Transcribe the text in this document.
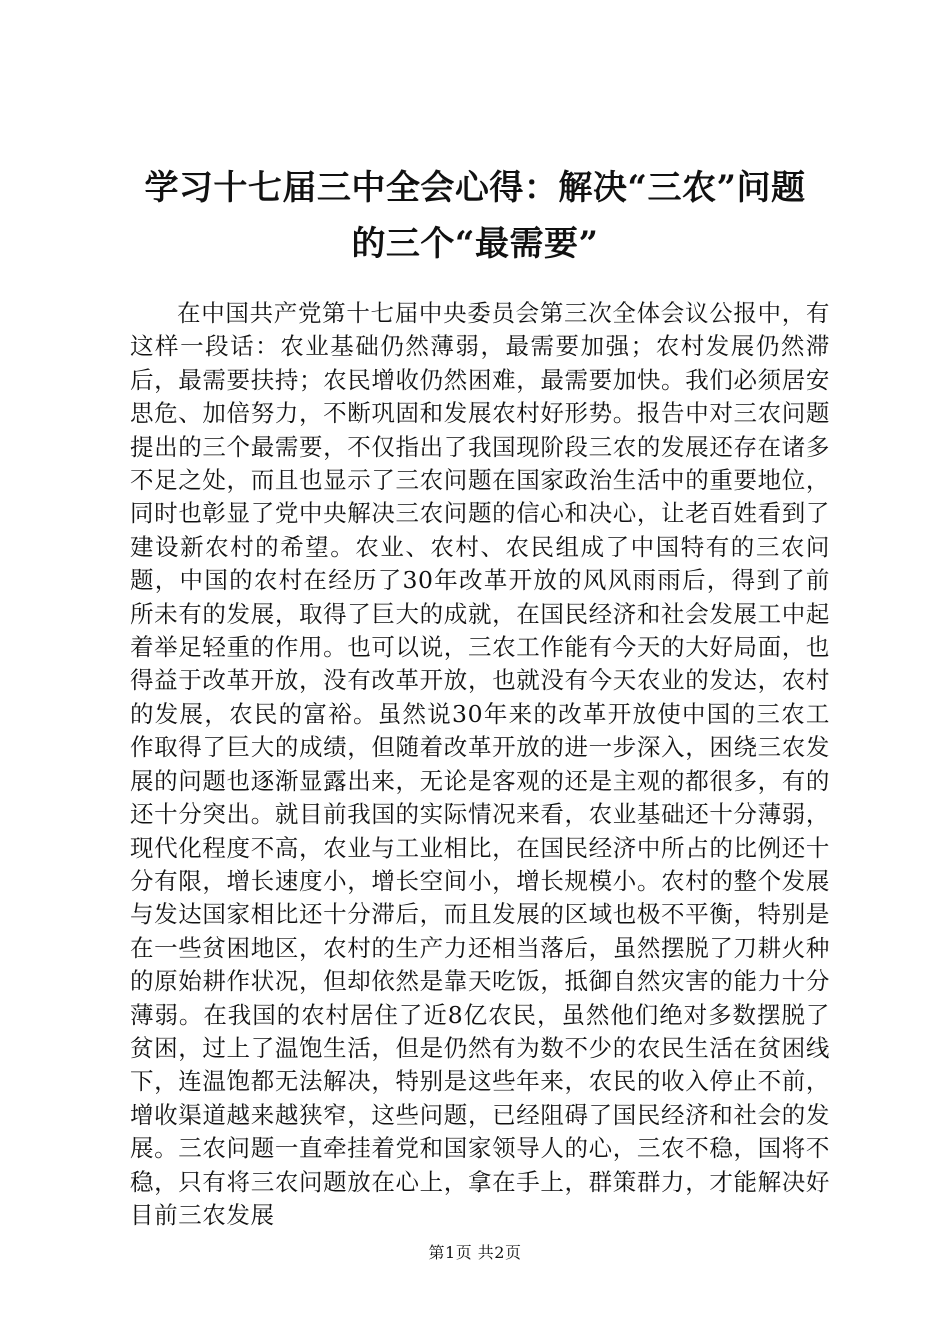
学习十七届三中全会心得：解决“三农”问题
的三个“最需要”

在中国共产党第十七届中央委员会第三次全体会议公报中，有这样一段话：农业基础仍然薄弱，最需要加强；农村发展仍然滞后，最需要扶持；农民增收仍然困难，最需要加快。我们必须居安思危、加倍努力，不断巩固和发展农村好形势。报告中对三农问题提出的三个最需要，不仅指出了我国现阶段三农的发展还存在诸多不足之处，而且也显示了三农问题在国家政治生活中的重要地位，同时也彰显了党中央解决三农问题的信心和决心，让老百姓看到了建设新农村的希望。农业、农村、农民组成了中国特有的三农问题，中国的农村在经历了30年改革开放的风风雨雨后，得到了前所未有的发展，取得了巨大的成就，在国民经济和社会发展工中起着举足轻重的作用。也可以说，三农工作能有今天的大好局面，也得益于改革开放，没有改革开放，也就没有今天农业的发达，农村的发展，农民的富裕。虽然说30年来的改革开放使中国的三农工作取得了巨大的成绩，但随着改革开放的进一步深入，困绕三农发展的问题也逐渐显露出来，无论是客观的还是主观的都很多，有的还十分突出。就目前我国的实际情况来看，农业基础还十分薄弱，现代化程度不高，农业与工业相比，在国民经济中所占的比例还十分有限，增长速度小，增长空间小，增长规模小。农村的整个发展与发达国家相比还十分滞后，而且发展的区域也极不平衡，特别是在一些贫困地区，农村的生产力还相当落后，虽然摆脱了刀耕火种的原始耕作状况，但却依然是靠天吃饭，抵御自然灾害的能力十分薄弱。在我国的农村居住了近8亿农民，虽然他们绝对多数摆脱了贫困，过上了温饱生活，但是仍然有为数不少的农民生活在贫困线下，连温饱都无法解决，特别是这些年来，农民的收入停止不前，增收渠道越来越狭窄，这些问题，已经阻碍了国民经济和社会的发展。三农问题一直牵挂着党和国家领导人的心，三农不稳，国将不稳，只有将三农问题放在心上，拿在手上，群策群力，才能解决好目前三农发展

第1页 共2页
